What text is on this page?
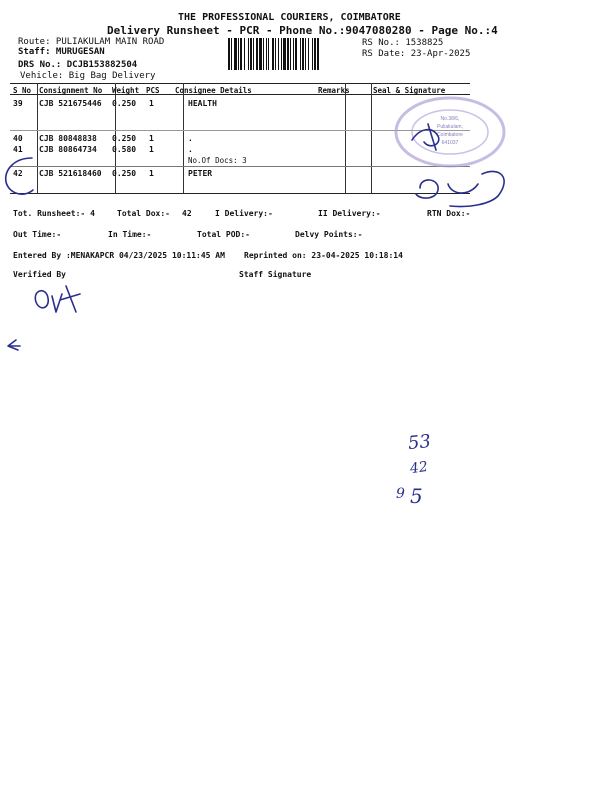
THE PROFESSIONAL COURIERS, COIMBATORE
Delivery Runsheet - PCR - Phone No.:9047080280 - Page No.:4
Route: PULIAKULAM MAIN ROAD
Staff: MURUGESAN
DRS No.: DCJB153882504
Vehicle: Big Bag Delivery
RS No.: 1538825
RS Date: 23-Apr-2025
S No Consignment No Weight PCS Consignee Details	Remarks	Seal & Signature
39 CJB 521675446 0.250 1	HEALTH
40 CJB 80848838 0.250 1	.
41 CJB 80864734 0.580 1	.
No.Of Docs: 3
42 CJB 521618460 0.250 1	PETER
Tot. Runsheet:- 4	Total Dox:- 42	I Delivery:-	II Delivery:-	RTN Dox:-
Out Time:-	In Time:-	Total POD:-	Delvy Points:-
Entered By :MENAKAPCR 04/23/2025 10:11:45 AM Reprinted on: 23-04-2025 10:18:14
Verified By	Staff Signature
No.38/6,
Puliakulam,
Coimbatore
641037
53
42
9 5
